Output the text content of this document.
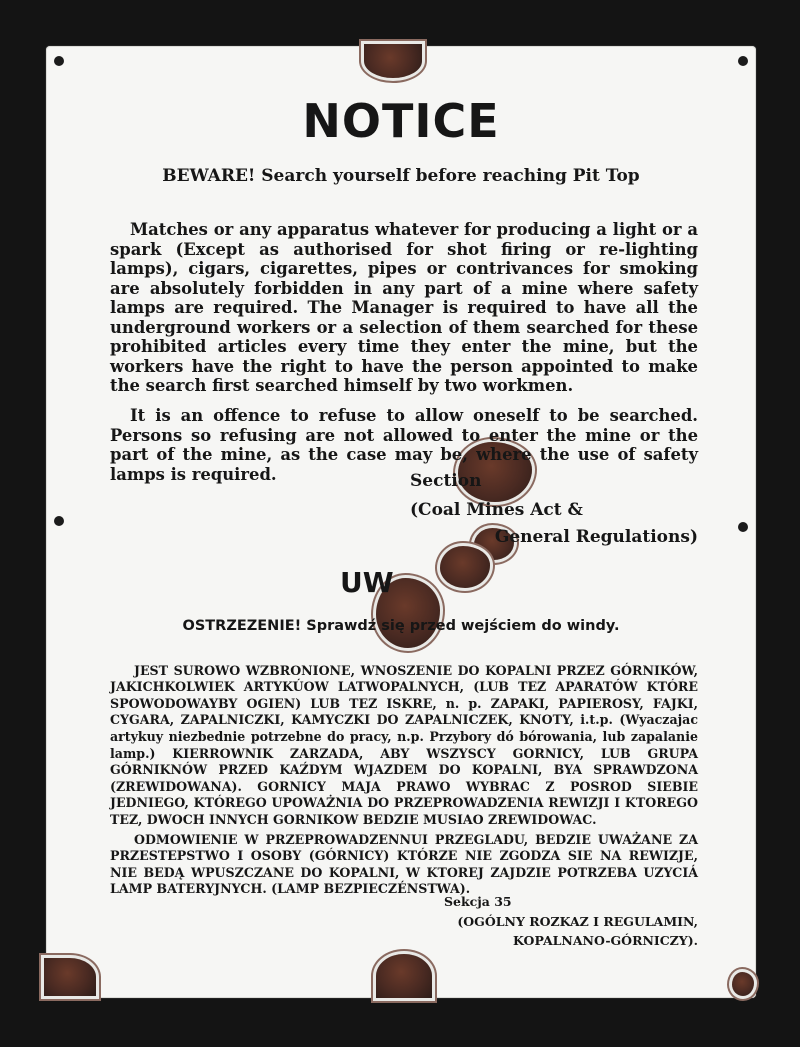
NOTICE

BEWARE! Search yourself before reaching Pit Top

Matches or any apparatus whatever for producing a light or a spark (Except as authorised for shot firing or re-lighting lamps), cigars, cigarettes, pipes or contrivances for smoking are absolutely forbidden in any part of a mine where safety lamps are required. The Manager is required to have all the underground workers or a selection of them searched for these prohibited articles every time they enter the mine, but the workers have the right to have the person appointed to make the search first searched himself by two workmen.

It is an offence to refuse to allow oneself to be searched. Persons so refusing are not allowed to enter the mine or the part of the mine, as the case may be, where the use of safety lamps is required.	Section

(Coal Mines Act &

General Regulations)

UW

OSTRZEZENIE! Sprawdź się przed wejściem do windy.

JEST SUROWO WZBRONIONE, WNOSZENIE DO KOPALNI PRZEZ GÓRNIKÓW, JAKICHKOLWIEK ARTYKÚOW LATWOPALNYCH, (LUB TEZ APARATÓW KTÓRE SPOWODOWAYBY OGIEN) LUB TEZ ISKRE, n. p. ZAPAKI, PAPIEROSY, FAJKI, CYGARA, ZAPALNICZKI, KAMYCZKI DO ZAPALNICZEK, KNOTY, i.t.p. (Wyaczajac artykuy niezbednie potrzebne do pracy, n.p. Przybory dó bórowania, lub zapalanie lamp.) KIERROWNIK ZARZADA, ABY WSZYSCY GORNICY, LUB GRUPA GÓRNIKNÓW PRZED KAŹDYM WJAZDEM DO KOPALNI, BYA SPRAWDZONA (ZREWIDOWANA). GORNICY MAJA PRAWO WYBRAC Z POSROD SIEBIE JEDNIEGO, KTÓREGO UPOWAŻNIA DO PRZEPROWADZENIA REWIZJI I KTOREGO TEZ, DWOCH INNYCH GORNIKOW BEDZIE MUSIAO ZREWIDOWAC.

ODMOWIENIE W PRZEPROWADZENNUI PRZEGLADU, BEDZIE UWAŻANE ZA PRZESTEPSTWO I OSOBY (GÓRNICY) KTÓRZE NIE ZGODZA SIE NA REWIZJE, NIE BEDĄ WPUSZCZANE DO KOPALNI, W KTOREJ ZAJDZIE POTRZEBA UZYCIÁ LAMP BATERYJNYCH. (LAMP BEZPIECZÉNSTWA).

Sekcja 35

(OGÓLNY ROZKAZ I REGULAMIN,

KOPALNANO-GÓRNICZY).
